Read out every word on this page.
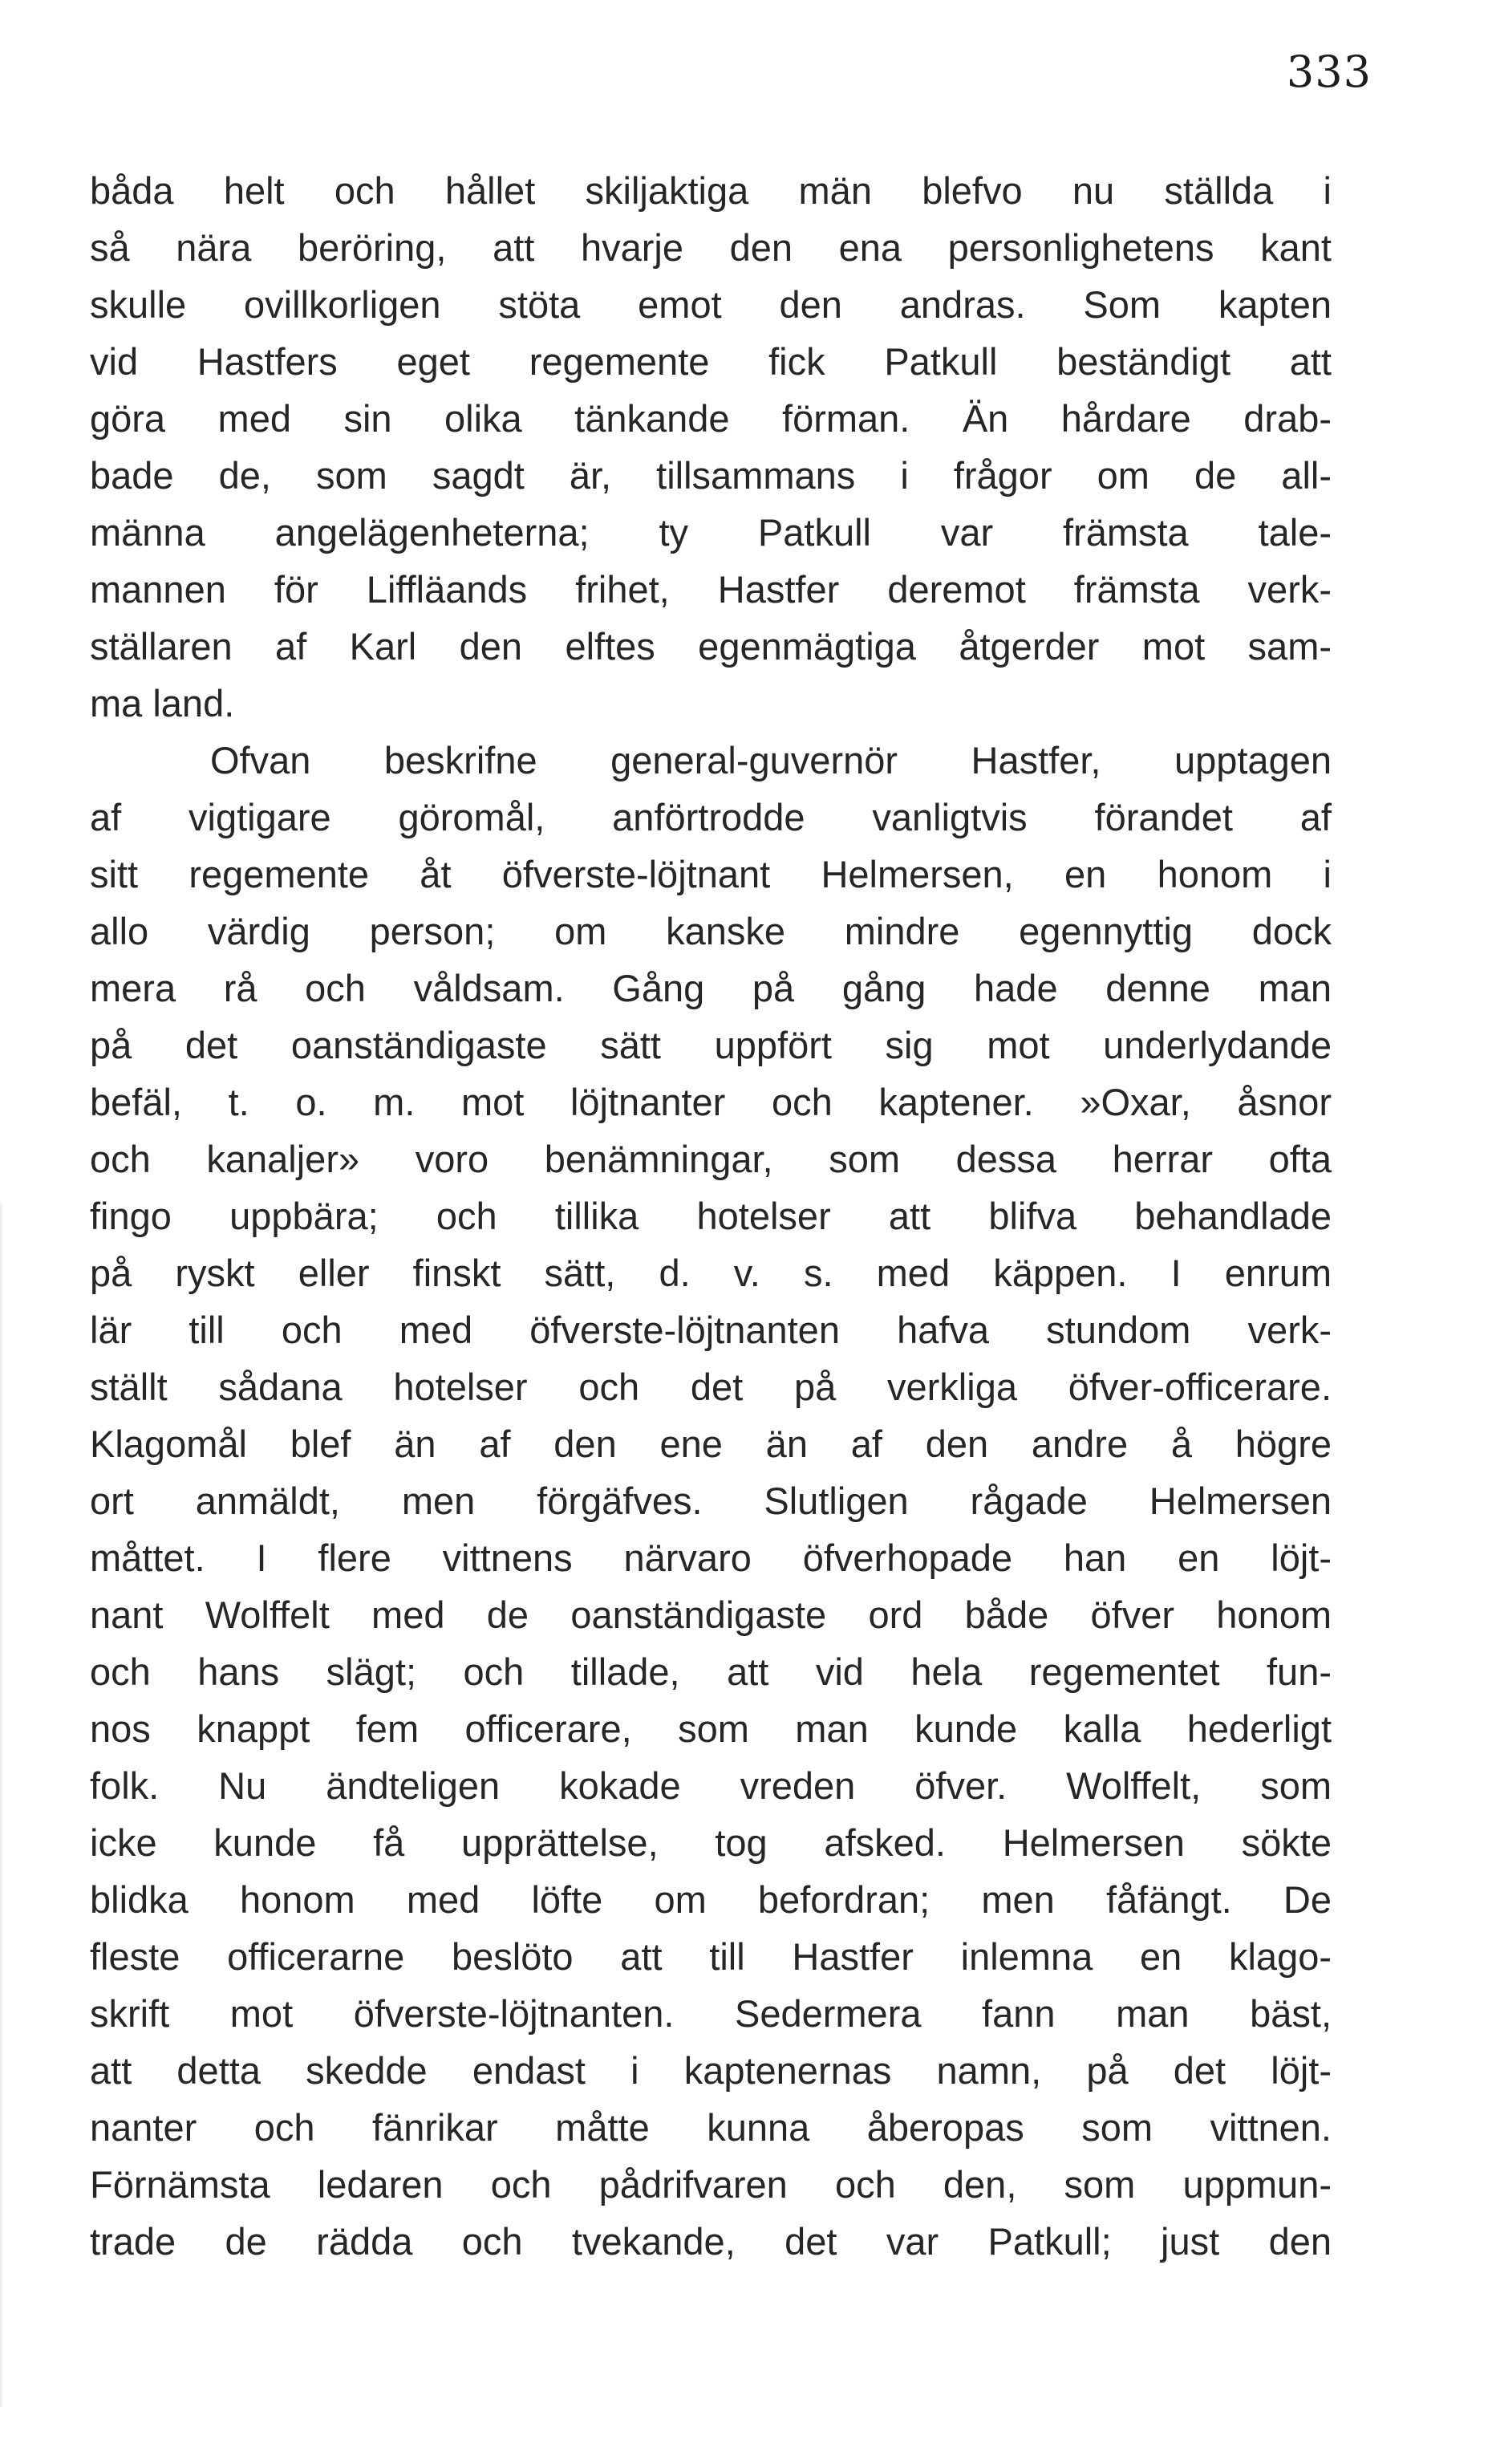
333
båda helt och hållet skiljaktiga män blefvo nu ställda i
så nära beröring, att hvarje den ena personlighetens kant
skulle ovillkorligen stöta emot den andras. Som kapten
vid Hastfers eget regemente fick Patkull beständigt att
göra med sin olika tänkande förman. Än hårdare drab-
bade de, som sagdt är, tillsammans i frågor om de all-
männa angelägenheterna; ty Patkull var främsta tale-
mannen för Liffläands frihet, Hastfer deremot främsta verk-
ställaren af Karl den elftes egenmägtiga åtgerder mot sam-
ma land.
Ofvan beskrifne general-guvernör Hastfer, upptagen
af vigtigare göromål, anförtrodde vanligtvis förandet af
sitt regemente åt öfverste-löjtnant Helmersen, en honom i
allo värdig person; om kanske mindre egennyttig dock
mera rå och våldsam. Gång på gång hade denne man
på det oanständigaste sätt uppfört sig mot underlydande
befäl, t. o. m. mot löjtnanter och kaptener. »Oxar, åsnor
och kanaljer» voro benämningar, som dessa herrar ofta
fingo uppbära; och tillika hotelser att blifva behandlade
på ryskt eller finskt sätt, d. v. s. med käppen. I enrum
lär till och med öfverste-löjtnanten hafva stundom verk-
ställt sådana hotelser och det på verkliga öfver-officerare.
Klagomål blef än af den ene än af den andre å högre
ort anmäldt, men förgäfves. Slutligen rågade Helmersen
måttet. I flere vittnens närvaro öfverhopade han en löjt-
nant Wolffelt med de oanständigaste ord både öfver honom
och hans slägt; och tillade, att vid hela regementet fun-
nos knappt fem officerare, som man kunde kalla hederligt
folk. Nu ändteligen kokade vreden öfver. Wolffelt, som
icke kunde få upprättelse, tog afsked. Helmersen sökte
blidka honom med löfte om befordran; men fåfängt. De
fleste officerarne beslöto att till Hastfer inlemna en klago-
skrift mot öfverste-löjtnanten. Sedermera fann man bäst,
att detta skedde endast i kaptenernas namn, på det löjt-
nanter och fänrikar måtte kunna åberopas som vittnen.
Förnämsta ledaren och pådrifvaren och den, som uppmun-
trade de rädda och tvekande, det var Patkull; just den
